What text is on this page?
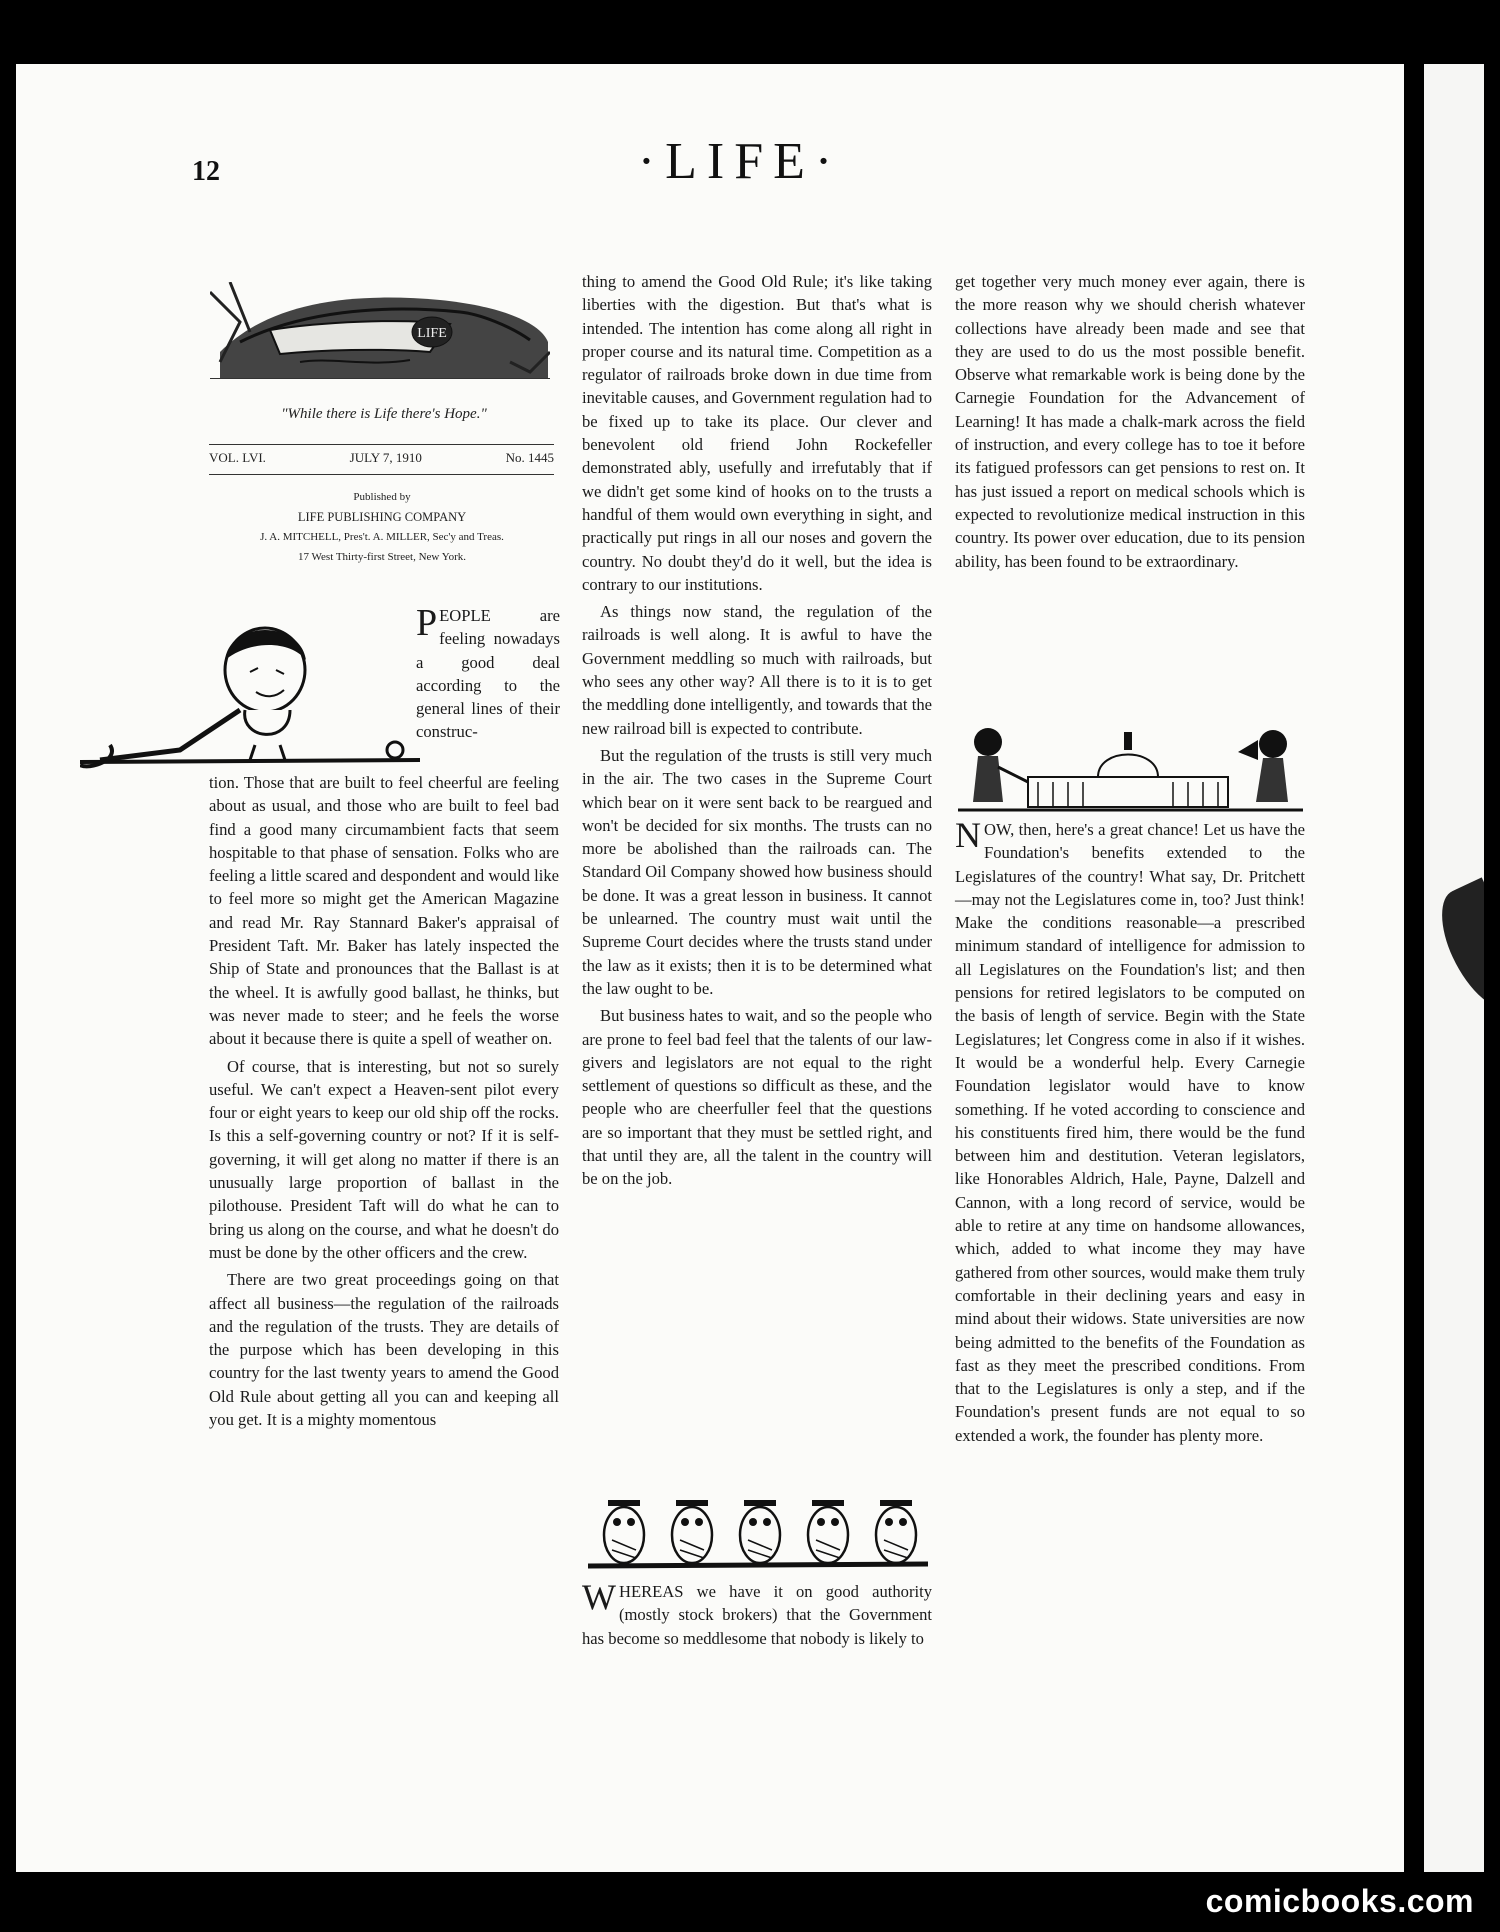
12	·LIFE·
LIFE
"While there is Life there's Hope."
VOL. LVI.	JULY 7, 1910	No. 1445
Published by
LIFE PUBLISHING COMPANY
J. A. MITCHELL, Pres't. A. MILLER, Sec'y and Treas.
17 West Thirty-first Street, New York.
PEOPLE are feeling nowadays a good deal according to the general lines of their construc-

tion. Those that are built to feel cheerful are feeling about as usual, and those who are built to feel bad find a good many circumambient facts that seem hospitable to that phase of sensation. Folks who are feeling a little scared and despondent and would like to feel more so might get the American Magazine and read Mr. Ray Stannard Baker's appraisal of President Taft. Mr. Baker has lately inspected the Ship of State and pronounces that the Ballast is at the wheel. It is awfully good ballast, he thinks, but was never made to steer; and he feels the worse about it because there is quite a spell of weather on.

Of course, that is interesting, but not so surely useful. We can't expect a Heaven-sent pilot every four or eight years to keep our old ship off the rocks. Is this a self-governing country or not? If it is self-governing, it will get along no matter if there is an unusually large proportion of ballast in the pilothouse. President Taft will do what he can to bring us along on the course, and what he doesn't do must be done by the other officers and the crew.

There are two great proceedings going on that affect all business—the regulation of the railroads and the regulation of the trusts. They are details of the purpose which has been developing in this country for the last twenty years to amend the Good Old Rule about getting all you can and keeping all you get. It is a mighty momentous

thing to amend the Good Old Rule; it's like taking liberties with the digestion. But that's what is intended. The intention has come along all right in proper course and its natural time. Competition as a regulator of railroads broke down in due time from inevitable causes, and Government regulation had to be fixed up to take its place. Our clever and benevolent old friend John Rockefeller demonstrated ably, usefully and irrefutably that if we didn't get some kind of hooks on to the trusts a handful of them would own everything in sight, and practically put rings in all our noses and govern the country. No doubt they'd do it well, but the idea is contrary to our institutions.

As things now stand, the regulation of the railroads is well along. It is awful to have the Government meddling so much with railroads, but who sees any other way? All there is to it is to get the meddling done intelligently, and towards that the new railroad bill is expected to contribute.

But the regulation of the trusts is still very much in the air. The two cases in the Supreme Court which bear on it were sent back to be reargued and won't be decided for six months. The trusts can no more be abolished than the railroads can. The Standard Oil Company showed how business should be done. It was a great lesson in business. It cannot be unlearned. The country must wait until the Supreme Court decides where the trusts stand under the law as it exists; then it is to be determined what the law ought to be.

But business hates to wait, and so the people who are prone to feel bad feel that the talents of our law-givers and legislators are not equal to the right settlement of questions so difficult as these, and the people who are cheerfuller feel that the questions are so important that they must be settled right, and that until they are, all the talent in the country will be on the job.

WHEREAS we have it on good authority (mostly stock brokers) that the Government has become so meddlesome that nobody is likely to

get together very much money ever again, there is the more reason why we should cherish whatever collections have already been made and see that they are used to do us the most possible benefit. Observe what remarkable work is being done by the Carnegie Foundation for the Advancement of Learning! It has made a chalk-mark across the field of instruction, and every college has to toe it before its fatigued professors can get pensions to rest on. It has just issued a report on medical schools which is expected to revolutionize medical instruction in this country. Its power over education, due to its pension ability, has been found to be extraordinary.

NOW, then, here's a great chance! Let us have the Foundation's benefits extended to the Legislatures of the country! What say, Dr. Pritchett—may not the Legislatures come in, too? Just think! Make the conditions reasonable—a prescribed minimum standard of intelligence for admission to all Legislatures on the Foundation's list; and then pensions for retired legislators to be computed on the basis of length of service. Begin with the State Legislatures; let Congress come in also if it wishes. It would be a wonderful help. Every Carnegie Foundation legislator would have to know something. If he voted according to conscience and his constituents fired him, there would be the fund between him and destitution. Veteran legislators, like Honorables Aldrich, Hale, Payne, Dalzell and Cannon, with a long record of service, would be able to retire at any time on handsome allowances, which, added to what income they may have gathered from other sources, would make them truly comfortable in their declining years and easy in mind about their widows. State universities are now being admitted to the benefits of the Foundation as fast as they meet the prescribed conditions. From that to the Legislatures is only a step, and if the Foundation's present funds are not equal to so extended a work, the founder has plenty more.

comicbooks.com
